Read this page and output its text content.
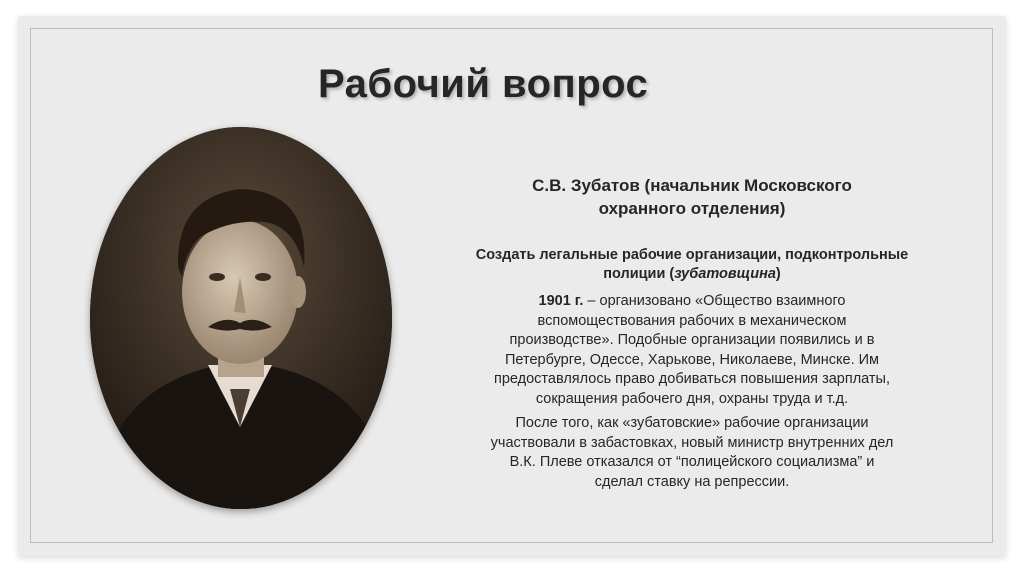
Рабочий вопрос
С.В. Зубатов (начальник Московского
охранного отделения)
Создать легальные рабочие организации, подконтрольные
полиции (зубатовщина)
1901 г. – организовано «Общество взаимного
вспомоществования рабочих в механическом
производстве». Подобные организации появились и в
Петербурге, Одессе, Харькове, Николаеве, Минске. Им
предоставлялось право добиваться повышения зарплаты,
сокращения рабочего дня, охраны труда и т.д.
После того, как «зубатовские» рабочие организации
участвовали в забастовках, новый министр внутренних дел
В.К. Плеве отказался от “полицейского социализма” и
сделал ставку на репрессии.
